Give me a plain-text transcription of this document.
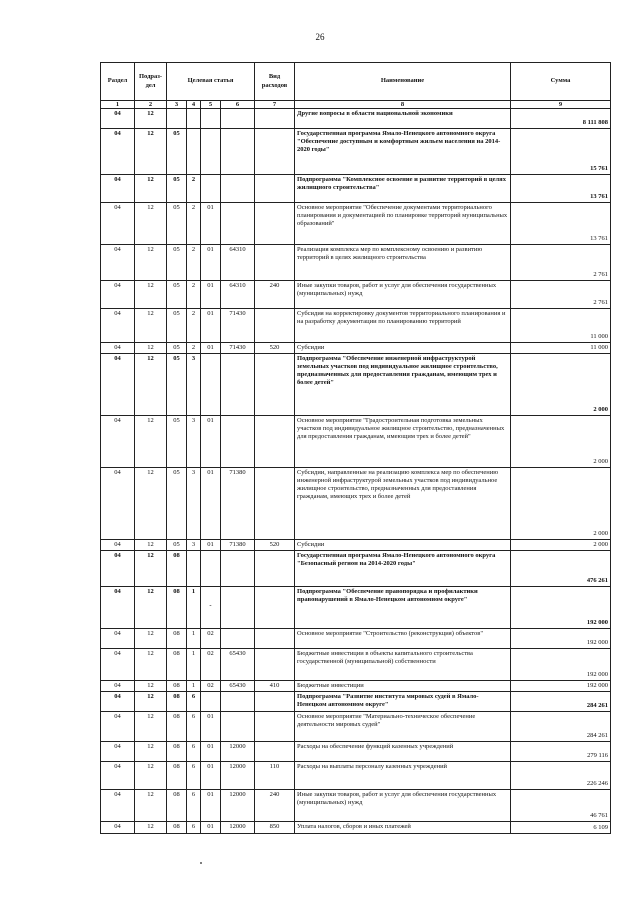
26
Раздел	Подраз-дел	Целевая статья				Вид расходов	Наименование	Сумма
1	2	3	4	5	6	7	8	9
04	12						Другие вопросы в области национальной экономики	8 111 808
04	12	05					Государственная программа Ямало-Ненецкого автономного округа "Обеспечение доступным и комфортным жильем населения на 2014-2020 годы"	15 761
04	12	05	2				Подпрограмма "Комплексное освоение и развитие территорий в целях жилищного строительства"	13 761
04	12	05	2	01			Основное мероприятие "Обеспечение документами территориального планирования и документацией по планировке территорий муниципальных образований"	13 761
04	12	05	2	01	64310		Реализация комплекса мер по комплексному освоению и развитию территорий в целях жилищного строительства	2 761
04	12	05	2	01	64310	240	Иные закупки товаров, работ и услуг для обеспечения государственных (муниципальных) нужд	2 761
04	12	05	2	01	71430		Субсидия на корректировку документов территориального планирования и на разработку документации по планированию территорий	11 000
04	12	05	2	01	71430	520	Субсидии	11 000
04	12	05	3				Подпрограмма "Обеспечение инженерной инфраструктурой земельных участков под индивидуальное жилищное строительство, предназначенных для предоставления гражданам, имеющим трех и более детей"	2 000
04	12	05	3	01			Основное мероприятие "Градостроительная подготовка земельных участков под индивидуальное жилищное строительство, предназначенных для предоставления гражданам, имеющим трех и более детей"	2 000
04	12	05	3	01	71380		Субсидии, направленные на реализацию комплекса мер по обеспечению инженерной инфраструктурой земельных участков под индивидуальное жилищное строительство, предназначенных для предоставления гражданам, имеющих трех и более детей	2 000
04	12	05	3	01	71380	520	Субсидии	2 000
04	12	08					Государственная программа Ямало-Ненецкого автономного округа "Безопасный регион на 2014-2020 годы"	476 261
04	12	08	1	-			Подпрограмма "Обеспечение правопорядка и профилактики правонарушений в Ямало-Ненецком автономном округе"	192 000
04	12	08	1	02			Основное мероприятие "Строительство (реконструкция) объектов"	192 000
04	12	08	1	02	65430		Бюджетные инвестиции в объекты капитального строительства государственной (муниципальной) собственности	192 000
04	12	08	1	02	65430	410	Бюджетные инвестиции	192 000
04	12	08	6				Подпрограмма "Развитие института мировых судей в Ямало-Ненецком автономном округе"	284 261
04	12	08	6	01			Основное мероприятие "Материально-техническое обеспечение деятельности мировых судей"	284 261
04	12	08	6	01	12000		Расходы на обеспечение функций казенных учреждений	279 116
04	12	08	6	01	12000	110	Расходы на выплаты персоналу казенных учреждений	226 246
04	12	08	6	01	12000	240	Иные закупки товаров, работ и услуг для обеспечения государственных (муниципальных) нужд	46 761
04	12	08	6	01	12000	850	Уплата налогов, сборов и иных платежей	6 109
